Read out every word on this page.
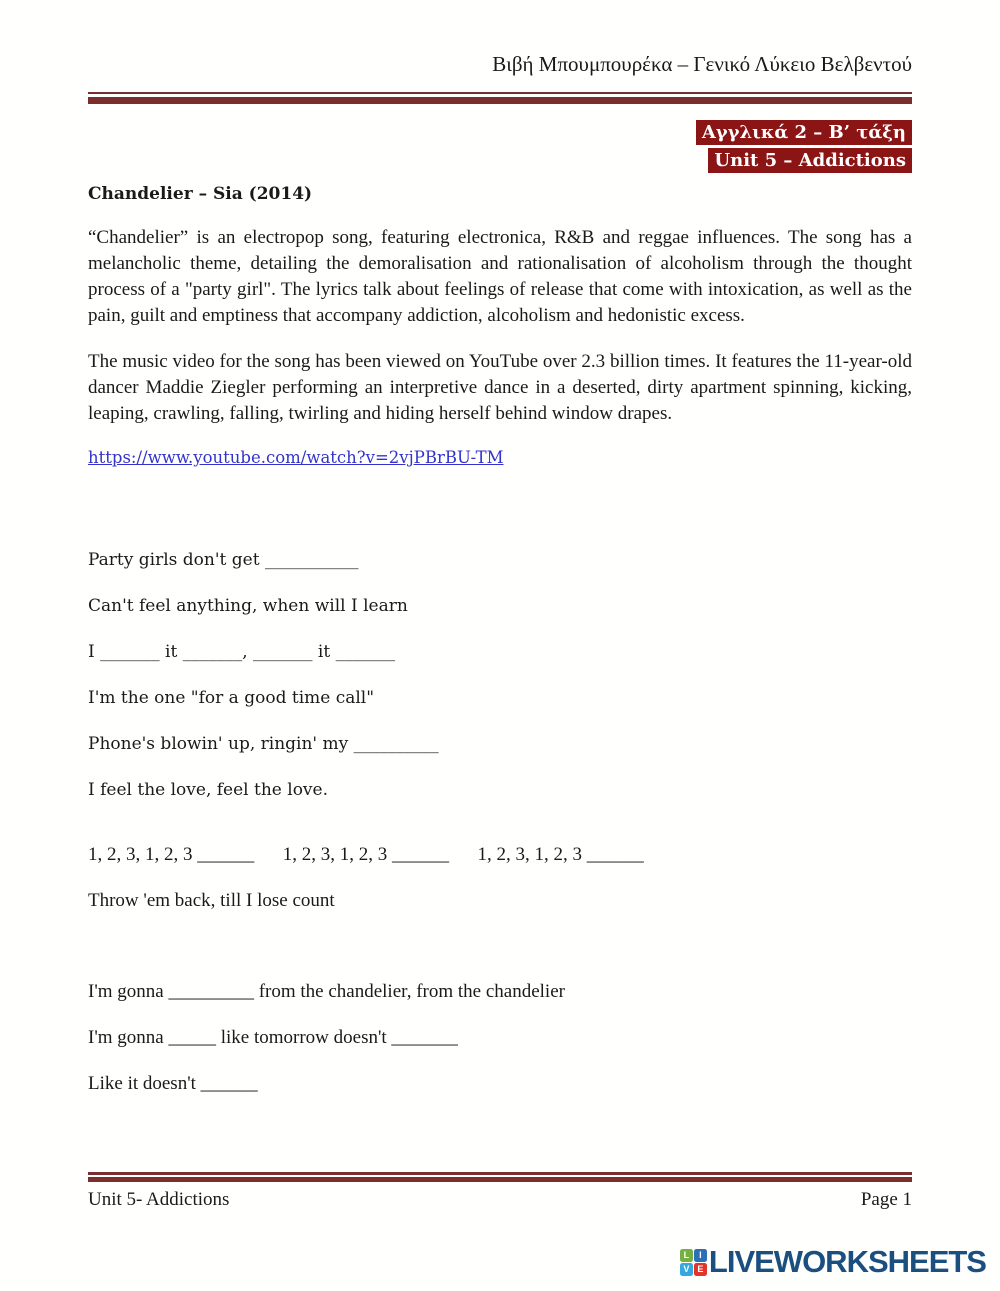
Βιβή Μπουμπουρέκα – Γενικό Λύκειο Βελβεντού
Αγγλικά 2 – Β’ τάξη
Unit 5 – Addictions
Chandelier – Sia (2014)
“Chandelier” is an electropop song, featuring electronica, R&B and reggae influences. The song has a melancholic theme, detailing the demoralisation and rationalisation of alcoholism through the thought process of a "party girl". The lyrics talk about feelings of release that come with intoxication, as well as the pain, guilt and emptiness that accompany addiction, alcoholism and hedonistic excess.
The music video for the song has been viewed on YouTube over 2.3 billion times. It features the 11-year-old dancer Maddie Ziegler performing an interpretive dance in a deserted, dirty apartment spinning, kicking, leaping, crawling, falling, twirling and hiding herself behind window drapes.
https://www.youtube.com/watch?v=2vjPBrBU-TM

Party girls don't get ___________

Can't feel anything, when will I learn

I _______ it _______, _______ it _______

I'm the one "for a good time call"

Phone's blowin' up, ringin' my __________

I feel the love, feel the love.

1, 2, 3, 1, 2, 3 ______      1, 2, 3, 1, 2, 3 ______      1, 2, 3, 1, 2, 3 ______

Throw 'em back, till I lose count

I'm gonna _________ from the chandelier, from the chandelier

I'm gonna _____ like tomorrow doesn't _______

Like it doesn't ______

Unit 5- Addictions	Page 1
L	I
V E LIVEWORKSHEETS
